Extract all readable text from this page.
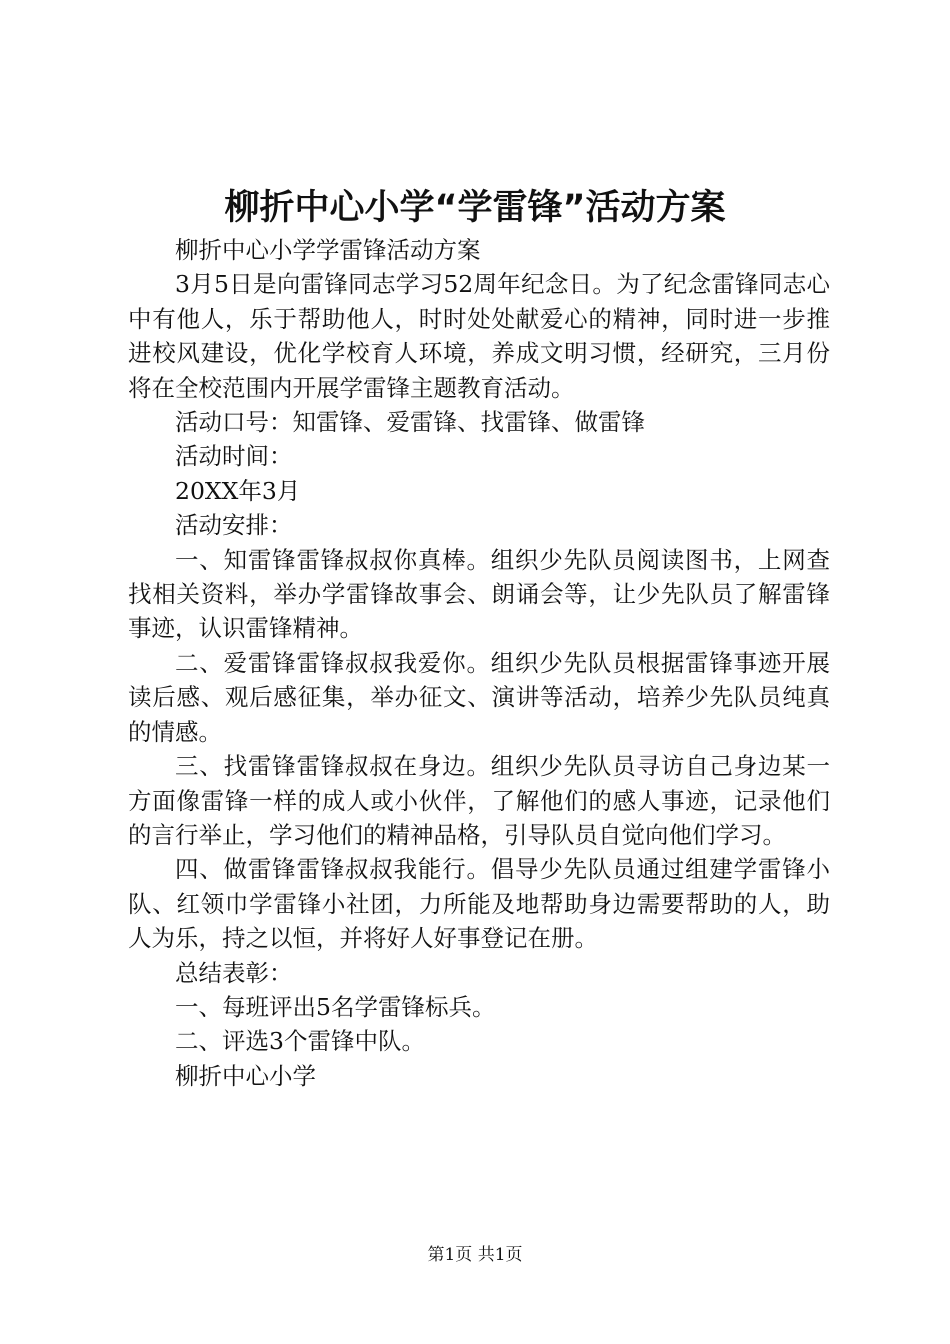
柳折中心小学“学雷锋”活动方案

柳折中心小学学雷锋活动方案

3月5日是向雷锋同志学习52周年纪念日。为了纪念雷锋同志心中有他人，乐于帮助他人，时时处处献爱心的精神，同时进一步推进校风建设，优化学校育人环境，养成文明习惯，经研究，三月份将在全校范围内开展学雷锋主题教育活动。

活动口号：知雷锋、爱雷锋、找雷锋、做雷锋

活动时间：

20XX年3月

活动安排：

一、知雷锋雷锋叔叔你真棒。组织少先队员阅读图书，上网查找相关资料，举办学雷锋故事会、朗诵会等，让少先队员了解雷锋事迹，认识雷锋精神。

二、爱雷锋雷锋叔叔我爱你。组织少先队员根据雷锋事迹开展读后感、观后感征集，举办征文、演讲等活动，培养少先队员纯真的情感。

三、找雷锋雷锋叔叔在身边。组织少先队员寻访自己身边某一方面像雷锋一样的成人或小伙伴，了解他们的感人事迹，记录他们的言行举止，学习他们的精神品格，引导队员自觉向他们学习。

四、做雷锋雷锋叔叔我能行。倡导少先队员通过组建学雷锋小队、红领巾学雷锋小社团，力所能及地帮助身边需要帮助的人，助人为乐，持之以恒，并将好人好事登记在册。

总结表彰：

一、每班评出5名学雷锋标兵。

二、评选3个雷锋中队。

柳折中心小学

第1页 共1页
